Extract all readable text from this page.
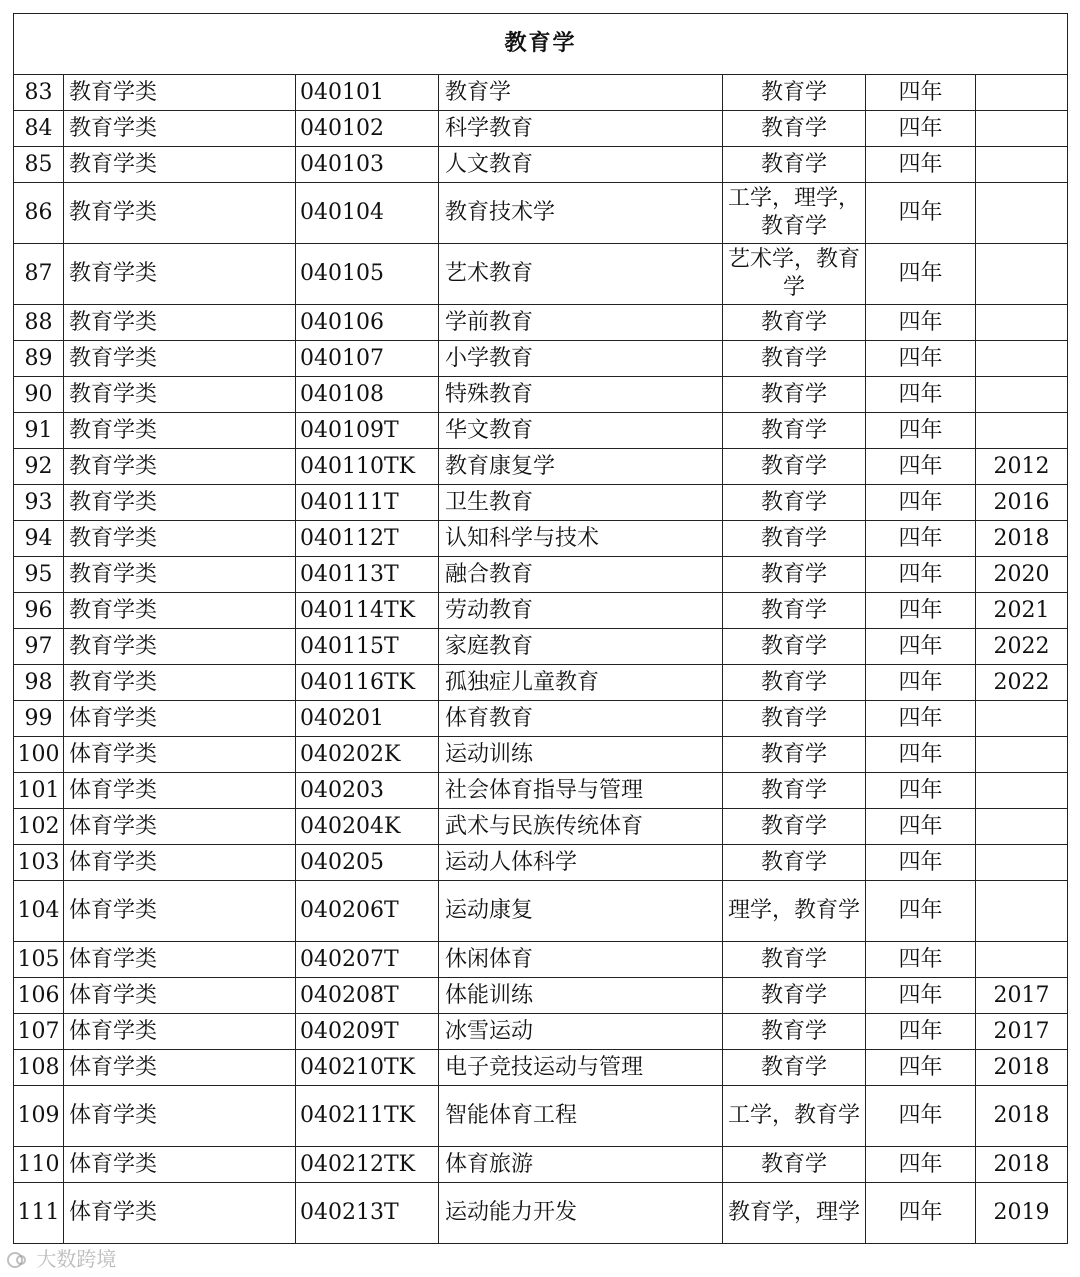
教育学						
83	教育学类	040101	教育学	教育学	四年	
84	教育学类	040102	科学教育	教育学	四年	
85	教育学类	040103	人文教育	教育学	四年	
86	教育学类	040104	教育技术学	工学，理学，教育学	四年	
87	教育学类	040105	艺术教育	艺术学，教育学	四年	
88	教育学类	040106	学前教育	教育学	四年	
89	教育学类	040107	小学教育	教育学	四年	
90	教育学类	040108	特殊教育	教育学	四年	
91	教育学类	040109T	华文教育	教育学	四年	
92	教育学类	040110TK	教育康复学	教育学	四年	2012
93	教育学类	040111T	卫生教育	教育学	四年	2016
94	教育学类	040112T	认知科学与技术	教育学	四年	2018
95	教育学类	040113T	融合教育	教育学	四年	2020
96	教育学类	040114TK	劳动教育	教育学	四年	2021
97	教育学类	040115T	家庭教育	教育学	四年	2022
98	教育学类	040116TK	孤独症儿童教育	教育学	四年	2022
99	体育学类	040201	体育教育	教育学	四年	
100	体育学类	040202K	运动训练	教育学	四年	
101	体育学类	040203	社会体育指导与管理	教育学	四年	
102	体育学类	040204K	武术与民族传统体育	教育学	四年	
103	体育学类	040205	运动人体科学	教育学	四年	
104	体育学类	040206T	运动康复	理学，教育学	四年	
105	体育学类	040207T	休闲体育	教育学	四年	
106	体育学类	040208T	体能训练	教育学	四年	2017
107	体育学类	040209T	冰雪运动	教育学	四年	2017
108	体育学类	040210TK	电子竞技运动与管理	教育学	四年	2018
109	体育学类	040211TK	智能体育工程	工学，教育学	四年	2018
110	体育学类	040212TK	体育旅游	教育学	四年	2018
111	体育学类	040213T	运动能力开发	教育学，理学	四年	2019
大数跨境
